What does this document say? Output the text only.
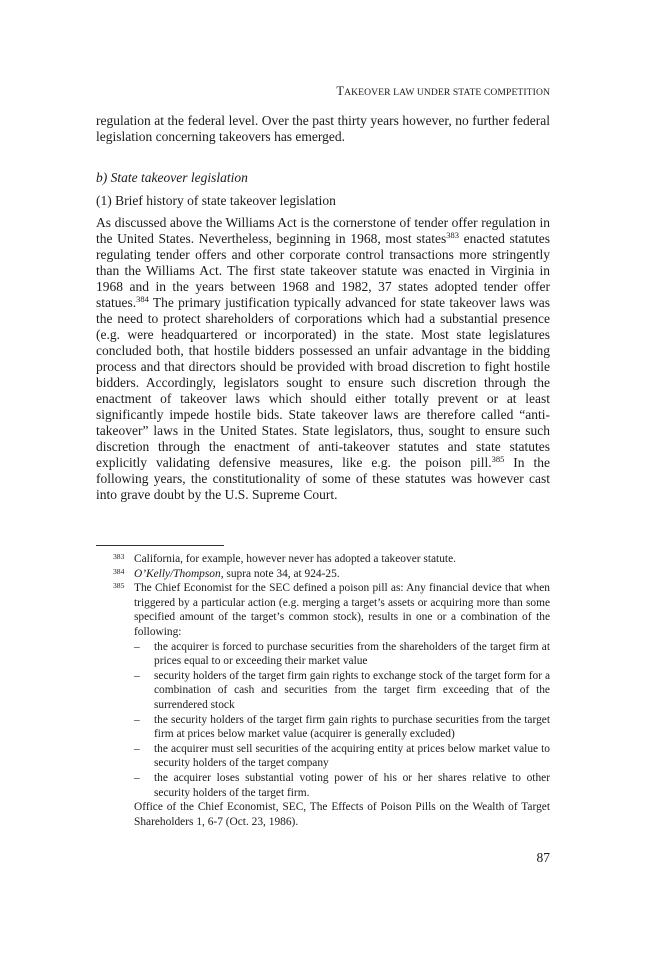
TAKEOVER LAW UNDER STATE COMPETITION

regulation at the federal level. Over the past thirty years however, no further federal legislation concerning takeovers has emerged.

b) State takeover legislation

(1) Brief history of state takeover legislation

As discussed above the Williams Act is the cornerstone of tender offer regulation in the United States. Nevertheless, beginning in 1968, most states$^{383}$ enacted statutes regulating tender offers and other corporate control transactions more stringently than the Williams Act. The first state takeover statute was enacted in Virginia in 1968 and in the years between 1968 and 1982, 37 states adopted tender offer statues.$^{384}$ The primary justification typically advanced for state takeover laws was the need to protect shareholders of corporations which had a substantial presence (e.g. were headquartered or incorporated) in the state. Most state legislatures concluded both, that hostile bidders possessed an unfair advantage in the bidding process and that directors should be provided with broad discretion to fight hostile bidders. Accordingly, legislators sought to ensure such discretion through the enactment of takeover laws which should either totally prevent or at least significantly impede hostile bids. State takeover laws are therefore called “anti-takeover” laws in the United States. State legislators, thus, sought to ensure such discretion through the enactment of anti-takeover statutes and state statutes explicitly validating defensive measures, like e.g. the poison pill.$^{385}$ In the following years, the constitutionality of some of these statutes was however cast into grave doubt by the U.S. Supreme Court.

383 California, for example, however never has adopted a takeover statute.
384 O’Kelly/Thompson, supra note 34, at 924-25.
385 The Chief Economist for the SEC defined a poison pill as: Any financial device that when triggered by a particular action (e.g. merging a target’s assets or acquiring more than some specified amount of the target’s common stock), results in one or a combination of the following:
–	the acquirer is forced to purchase securities from the shareholders of the target firm at prices equal to or exceeding their market value
–	security holders of the target firm gain rights to exchange stock of the target form for a combination of cash and securities from the target firm exceeding that of the surrendered stock
–	the security holders of the target firm gain rights to purchase securities from the target firm at prices below market value (acquirer is generally excluded)
–	the acquirer must sell securities of the acquiring entity at prices below market value to security holders of the target company
–	the acquirer loses substantial voting power of his or her shares relative to other security holders of the target firm.
Office of the Chief Economist, SEC, The Effects of Poison Pills on the Wealth of Target Shareholders 1, 6-7 (Oct. 23, 1986).
87
